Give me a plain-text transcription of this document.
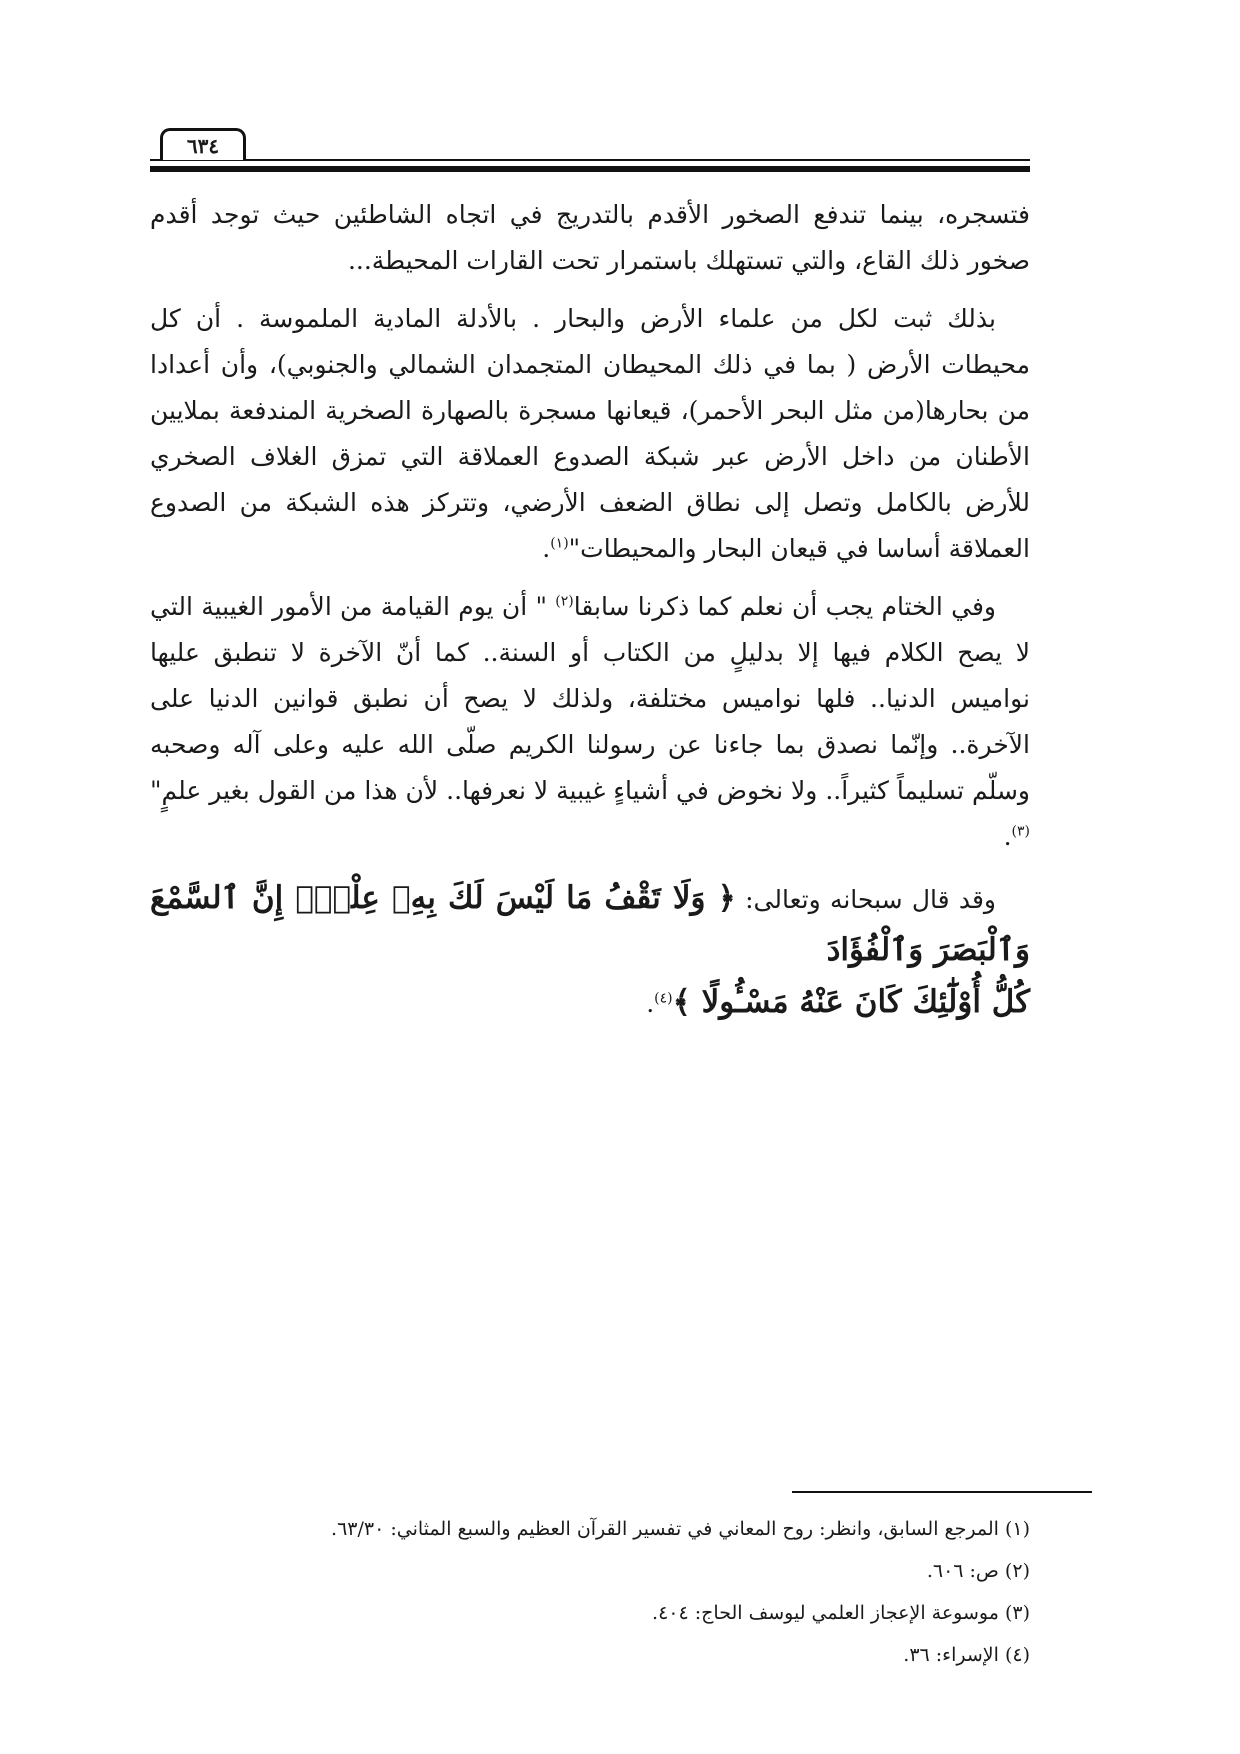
٦٣٤

فتسجره، بينما تندفع الصخور الأقدم بالتدريج في اتجاه الشاطئين حيث توجد أقدم صخور ذلك القاع، والتي تستهلك باستمرار تحت القارات المحيطة...

بذلك ثبت لكل من علماء الأرض والبحار . بالأدلة المادية الملموسة . أن كل محيطات الأرض ( بما في ذلك المحيطان المتجمدان الشمالي والجنوبي)، وأن أعدادا من بحارها(من مثل البحر الأحمر)، قيعانها مسجرة بالصهارة الصخرية المندفعة بملايين الأطنان من داخل الأرض عبر شبكة الصدوع العملاقة التي تمزق الغلاف الصخري للأرض بالكامل وتصل إلى نطاق الضعف الأرضي، وتتركز هذه الشبكة من الصدوع العملاقة أساسا في قيعان البحار والمحيطات"$^{(١)}$.

وفي الختام يجب أن نعلم كما ذكرنا سابقا$^{(٢)}$ " أن يوم القيامة من الأمور الغيبية التي لا يصح الكلام فيها إلا بدليلٍ من الكتاب أو السنة.. كما أنّ الآخرة لا تنطبق عليها نواميس الدنيا.. فلها نواميس مختلفة، ولذلك لا يصح أن نطبق قوانين الدنيا على الآخرة.. وإنّما نصدق بما جاءنا عن رسولنا الكريم صلّى الله عليه وعلى آله وصحبه وسلّم تسليماً كثيراً.. ولا نخوض في أشياءٍ غيبية لا نعرفها.. لأن هذا من القول بغير علمٍ"$^{(٣)}$.

وقد قال سبحانه وتعالى: ﴿ وَلَا تَقْفُ مَا لَيْسَ لَكَ بِهِۦ عِلْمٌۚ إِنَّ ٱلسَّمْعَ وَٱلْبَصَرَ وَٱلْفُؤَادَ
كُلُّ أُوْلَٰٓئِكَ كَانَ عَنْهُ مَسْـُٔولًا ﴾$^{(٤)}$.

(١) المرجع السابق، وانظر: روح المعاني في تفسير القرآن العظيم والسبع المثاني: ٦٣/٣٠.
(٢) ص: ٦٠٦.
(٣) موسوعة الإعجاز العلمي ليوسف الحاج: ٤٠٤.
(٤) الإسراء: ٣٦.
